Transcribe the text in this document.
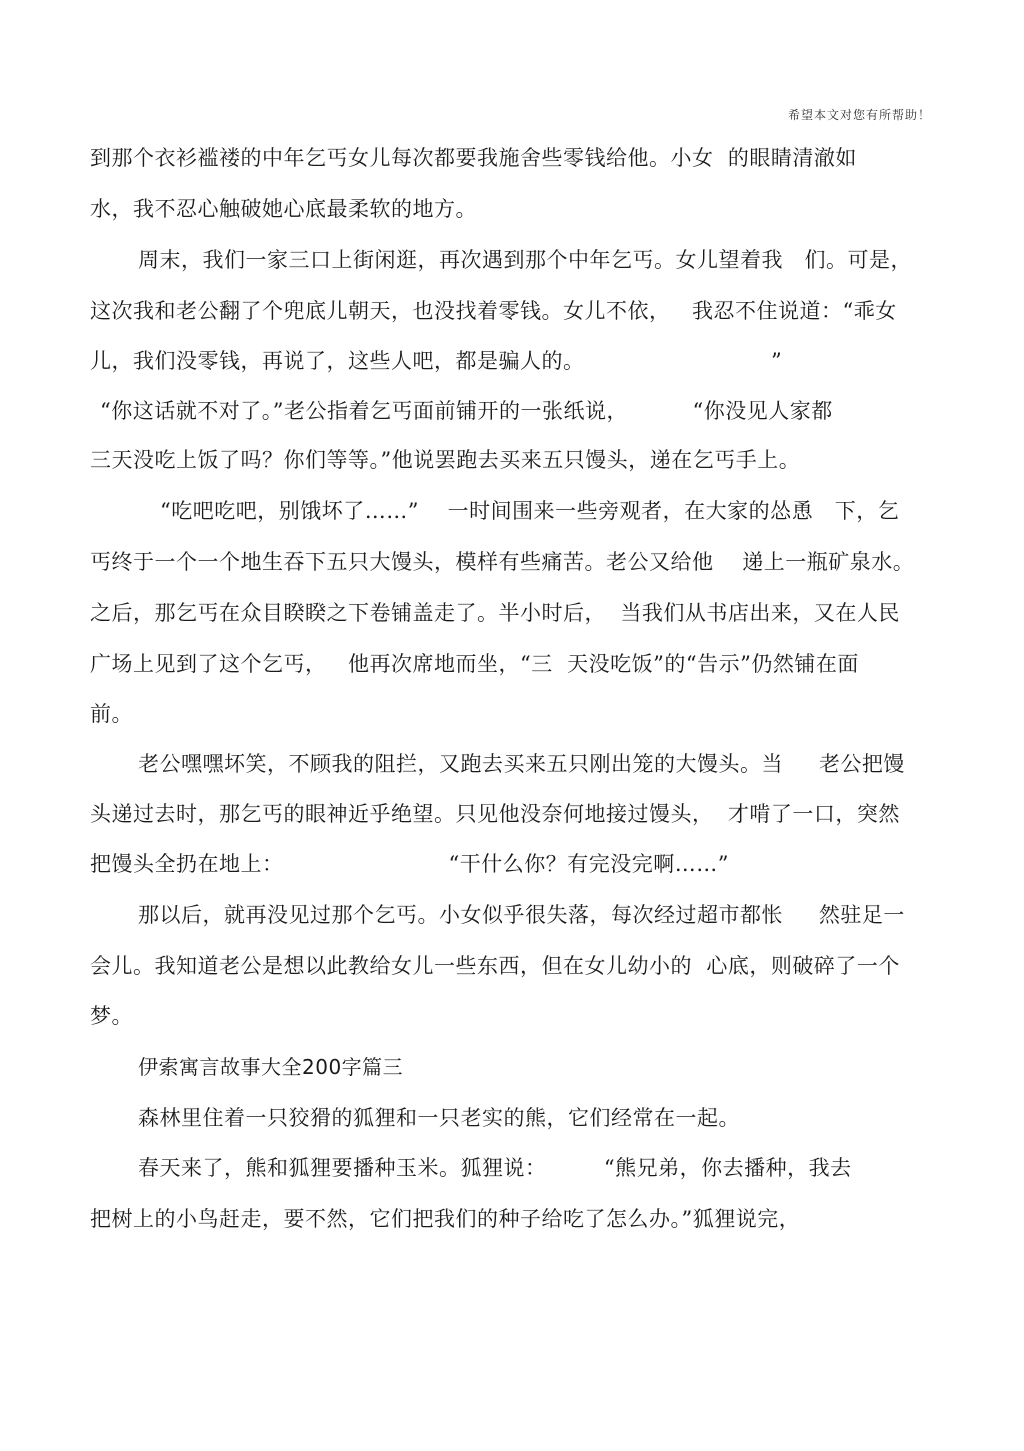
希望本文对您有所帮助！
到那个衣衫褴褛的中年乞丐女儿每次都要我施舍些零钱给他。小女  的眼睛清澈如
水，我不忍心触破她心底最柔软的地方。
周末，我们一家三口上街闲逛，再次遇到那个中年乞丐。女儿望着我   们。可是，
这次我和老公翻了个兜底儿朝天，也没找着零钱。女儿不依，   我忍不住说道：“乖女
儿，我们没零钱，再说了，这些人吧，都是骗人的。                          ”
“你这话就不对了。”老公指着乞丐面前铺开的一张纸说，         “你没见人家都
三天没吃上饭了吗？你们等等。”他说罢跑去买来五只馒头，递在乞丐手上。
“吃吧吃吧，别饿坏了……”    一时间围来一些旁观者，在大家的怂恿   下，乞
丐终于一个一个地生吞下五只大馒头，模样有些痛苦。老公又给他    递上一瓶矿泉水。
之后，那乞丐在众目睽睽之下卷铺盖走了。半小时后，  当我们从书店出来，又在人民
广场上见到了这个乞丐，   他再次席地而坐，“三  天没吃饭”的“告示”仍然铺在面
前。
老公嘿嘿坏笑，不顾我的阻拦，又跑去买来五只刚出笼的大馒头。当     老公把馒
头递过去时，那乞丐的眼神近乎绝望。只见他没奈何地接过馒头，  才啃了一口，突然
把馒头全扔在地上：                       “干什么你？有完没完啊……”
那以后，就再没见过那个乞丐。小女似乎很失落，每次经过超市都怅     然驻足一
会儿。我知道老公是想以此教给女儿一些东西，但在女儿幼小的  心底，则破碎了一个
梦。
伊索寓言故事大全200字篇三
森林里住着一只狡猾的狐狸和一只老实的熊，它们经常在一起。
春天来了，熊和狐狸要播种玉米。狐狸说：        “熊兄弟，你去播种，我去
把树上的小鸟赶走，要不然，它们把我们的种子给吃了怎么办。”狐狸说完，
